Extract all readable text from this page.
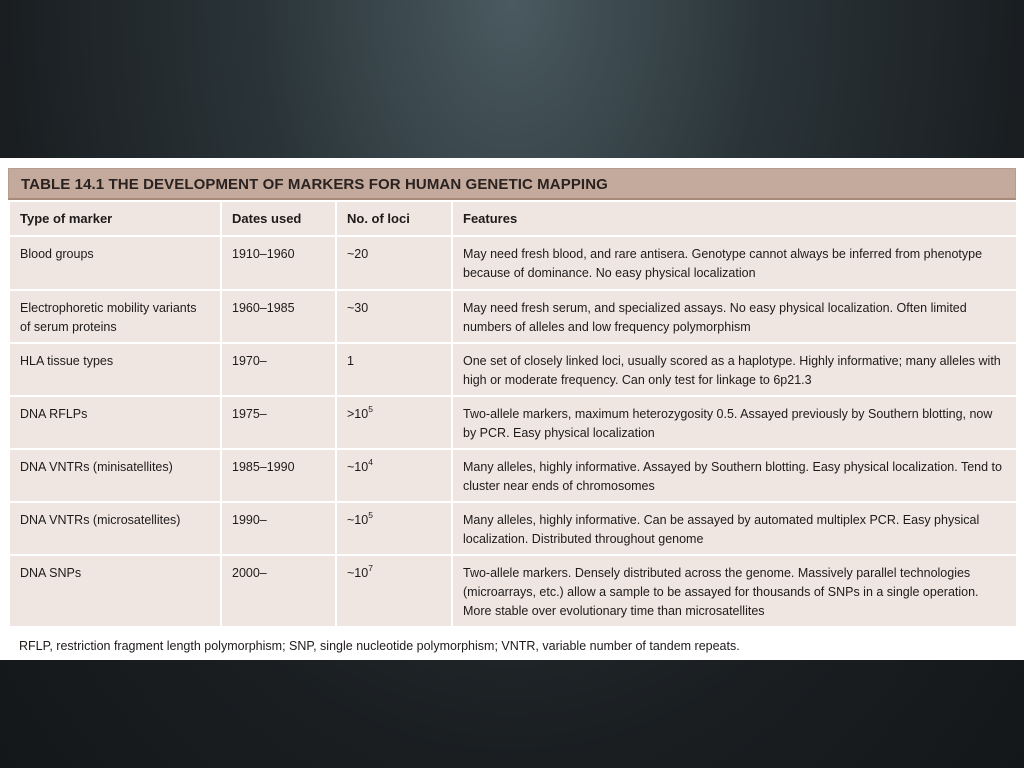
TABLE 14.1 THE DEVELOPMENT OF MARKERS FOR HUMAN GENETIC MAPPING
Type of marker	Dates used	No. of loci	Features
Blood groups	1910–1960	~20	May need fresh blood, and rare antisera. Genotype cannot always be inferred from phenotype because of dominance. No easy physical localization
Electrophoretic mobility variants of serum proteins	1960–1985	~30	May need fresh serum, and specialized assays. No easy physical localization. Often limited numbers of alleles and low frequency polymorphism
HLA tissue types	1970–	1	One set of closely linked loci, usually scored as a haplotype. Highly informative; many alleles with high or moderate frequency. Can only test for linkage to 6p21.3
DNA RFLPs	1975–	$>10^5$	Two-allele markers, maximum heterozygosity 0.5. Assayed previously by Southern blotting, now by PCR. Easy physical localization
DNA VNTRs (minisatellites)	1985–1990	$\sim 10^4$	Many alleles, highly informative. Assayed by Southern blotting. Easy physical localization. Tend to cluster near ends of chromosomes
DNA VNTRs (microsatellites)	1990–	$\sim 10^5$	Many alleles, highly informative. Can be assayed by automated multiplex PCR. Easy physical localization. Distributed throughout genome
DNA SNPs	2000–	$\sim 10^7$	Two-allele markers. Densely distributed across the genome. Massively parallel technologies (microarrays, etc.) allow a sample to be assayed for thousands of SNPs in a single operation. More stable over evolutionary time than microsatellites
RFLP, restriction fragment length polymorphism; SNP, single nucleotide polymorphism; VNTR, variable number of tandem repeats.
